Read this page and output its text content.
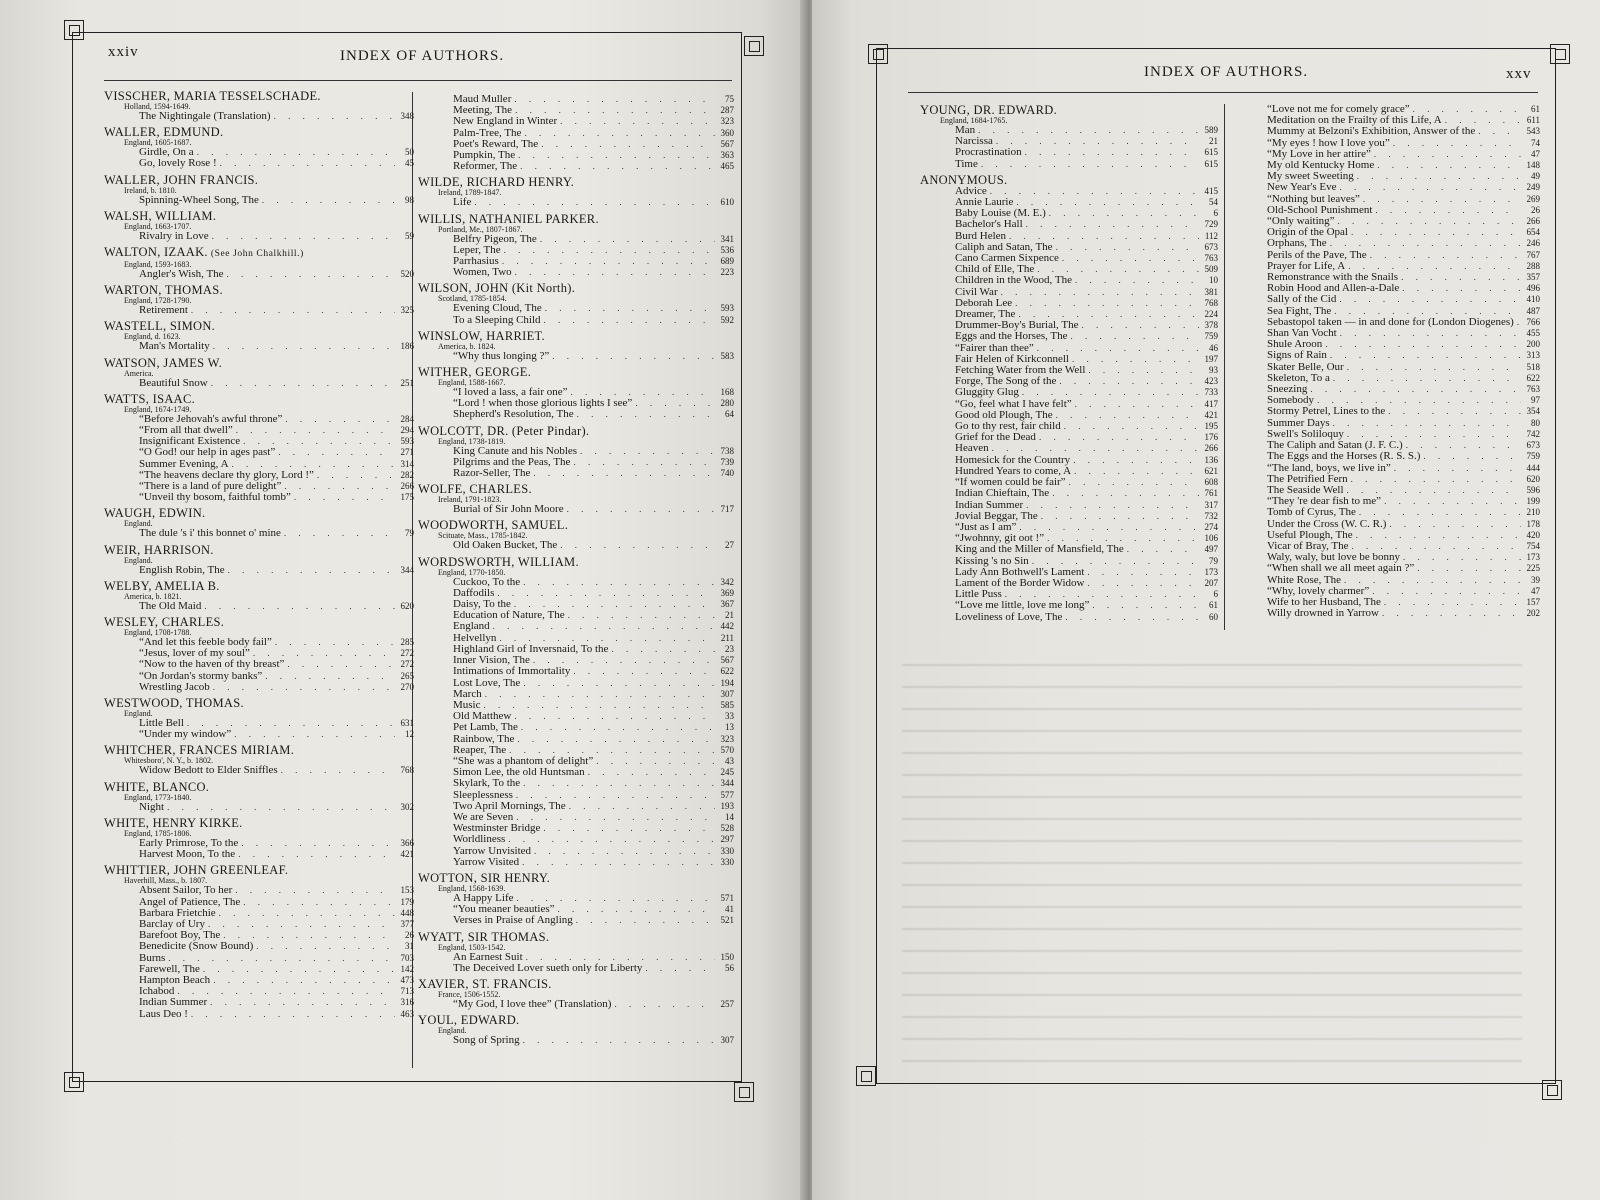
xxiv	INDEX OF AUTHORS.
VISSCHER, MARIA TESSELSCHADE.
Holland, 1594-1649.
The Nightingale (Translation) . . .	348
WALLER, EDMUND.
England, 1605-1687.
Girdle, On a . . .	50
Go, lovely Rose ! . . .	45
WALLER, JOHN FRANCIS.
Ireland, b. 1810.
Spinning-Wheel Song, The . . .	98
WALSH, WILLIAM.
England, 1663-1707.
Rivalry in Love . . .	59
WALTON, IZAAK. (See John Chalkhill.)
England, 1593-1683.
Angler's Wish, The . . .	520
WARTON, THOMAS.
England, 1728-1790.
Retirement . . .	325
WASTELL, SIMON.
England, d. 1623.
Man's Mortality . . .	186
WATSON, JAMES W.
America.
Beautiful Snow . . .	251
WATTS, ISAAC.
England, 1674-1749.
“Before Jehovah's awful throne” . . .	284
“From all that dwell” . . .	294
Insignificant Existence . . .	593
“O God! our help in ages past” . . .	271
Summer Evening, A . . .	314
“The heavens declare thy glory, Lord !” . . .	282
“There is a land of pure delight” . . .	266
“Unveil thy bosom, faithful tomb” . . .	175
WAUGH, EDWIN.
England.
The dule 's i' this bonnet o' mine . . .	79
WEIR, HARRISON.
England.
English Robin, The . . .	344
WELBY, AMELIA B.
America, b. 1821.
The Old Maid . . .	620
WESLEY, CHARLES.
England, 1708-1788.
“And let this feeble body fail” . . .	285
“Jesus, lover of my soul” . . .	272
“Now to the haven of thy breast” . . .	272
“On Jordan's stormy banks” . . .	265
Wrestling Jacob . . .	270
WESTWOOD, THOMAS.
England.
Little Bell . . .	631
“Under my window” . . .	12
WHITCHER, FRANCES MIRIAM.
Whitesboro', N. Y., b. 1802.
Widow Bedott to Elder Sniffles . . .	768
WHITE, BLANCO.
England, 1773-1840.
Night . . .	302
WHITE, HENRY KIRKE.
England, 1785-1806.
Early Primrose, To the . . .	366
Harvest Moon, To the . . .	421
WHITTIER, JOHN GREENLEAF.
Haverhill, Mass., b. 1807.
Absent Sailor, To her . . .	153
Angel of Patience, The . . .	179
Barbara Frietchie . . .	448
Barclay of Ury . . .	377
Barefoot Boy, The . . .	26
Benedicite (Snow Bound) . . .	31
Burns . . .	703
Farewell, The . . .	142
Hampton Beach . . .	473
Ichabod . . .	713
Indian Summer . . .	316
Laus Deo ! . . .	463
Maud Muller . . .	75
Meeting, The . . .	287
New England in Winter . . .	323
Palm-Tree, The . . .	360
Poet's Reward, The . . .	567
Pumpkin, The . . .	363
Reformer, The . . .	465
WILDE, RICHARD HENRY.
Ireland, 1789-1847.
Life . . .	610
WILLIS, NATHANIEL PARKER.
Portland, Me., 1807-1867.
Belfry Pigeon, The . . .	341
Leper, The . . .	536
Parrhasius . . .	689
Women, Two . . .	223
WILSON, JOHN (Kit North).
Scotland, 1785-1854.
Evening Cloud, The . . .	593
To a Sleeping Child . . .	592
WINSLOW, HARRIET.
America, b. 1824.
“Why thus longing ?” . . .	583
WITHER, GEORGE.
England, 1588-1667.
“I loved a lass, a fair one” . . .	168
“Lord ! when those glorious lights I see” . . .	280
Shepherd's Resolution, The . . .	64
WOLCOTT, DR. (Peter Pindar).
England, 1738-1819.
King Canute and his Nobles . . .	738
Pilgrims and the Peas, The . . .	739
Razor-Seller, The . . .	740
WOLFE, CHARLES.
Ireland, 1791-1823.
Burial of Sir John Moore . . .	717
WOODWORTH, SAMUEL.
Scituate, Mass., 1785-1842.
Old Oaken Bucket, The . . .	27
WORDSWORTH, WILLIAM.
England, 1770-1850.
Cuckoo, To the . . .	342
Daffodils . . .	369
Daisy, To the . . .	367
Education of Nature, The . . .	21
England . . .	442
Helvellyn . . .	211
Highland Girl of Inversnaid, To the . . .	23
Inner Vision, The . . .	567
Intimations of Immortality . . .	622
Lost Love, The . . .	194
March . . .	307
Music . . .	585
Old Matthew . . .	33
Pet Lamb, The . . .	13
Rainbow, The . . .	323
Reaper, The . . .	570
“She was a phantom of delight” . . .	43
Simon Lee, the old Huntsman . . .	245
Skylark, To the . . .	344
Sleeplessness . . .	577
Two April Mornings, The . . .	193
We are Seven . . .	14
Westminster Bridge . . .	528
Worldliness . . .	297
Yarrow Unvisited . . .	330
Yarrow Visited . . .	330
WOTTON, SIR HENRY.
England, 1568-1639.
A Happy Life . . .	571
“You meaner beauties” . . .	41
Verses in Praise of Angling . . .	521
WYATT, SIR THOMAS.
England, 1503-1542.
An Earnest Suit . . .	150
The Deceived Lover sueth only for Liberty . . .	56
XAVIER, ST. FRANCIS.
France, 1506-1552.
“My God, I love thee” (Translation) . . .	257
YOUL, EDWARD.
England.
Song of Spring . . .	307
INDEX OF AUTHORS.	xxv
YOUNG, DR. EDWARD.
England, 1684-1765.
Man . . .	589
Narcissa . . .	21
Procrastination . . .	615
Time . . .	615
ANONYMOUS.
Advice . . .	415
Annie Laurie . . .	54
Baby Louise (M. E.) . . .	6
Bachelor's Hall . . .	729
Burd Helen . . .	112
Caliph and Satan, The . . .	673
Cano Carmen Sixpence . . .	763
Child of Elle, The . . .	509
Children in the Wood, The . . .	10
Civil War . . .	381
Deborah Lee . . .	768
Dreamer, The . . .	224
Drummer-Boy's Burial, The . . .	378
Eggs and the Horses, The . . .	759
“Fairer than thee” . . .	46
Fair Helen of Kirkconnell . . .	197
Fetching Water from the Well . . .	93
Forge, The Song of the . . .	423
Gluggity Glug . . .	733
“Go, feel what I have felt” . . .	417
Good old Plough, The . . .	421
Go to thy rest, fair child . . .	195
Grief for the Dead . . .	176
Heaven . . .	266
Homesick for the Country . . .	136
Hundred Years to come, A . . .	621
“If women could be fair” . . .	608
Indian Chieftain, The . . .	761
Indian Summer . . .	317
Jovial Beggar, The . . .	732
“Just as I am” . . .	274
“Jwohnny, git oot !” . . .	106
King and the Miller of Mansfield, The . . .	497
Kissing 's no Sin . . .	79
Lady Ann Bothwell's Lament . . .	173
Lament of the Border Widow . . .	207
Little Puss . . .	6
“Love me little, love me long” . . .	61
Loveliness of Love, The . . .	60
“Love not me for comely grace” . . .	61
Meditation on the Frailty of this Life, A . . .	611
Mummy at Belzoni's Exhibition, Answer of the . . .	543
“My eyes ! how I love you” . . .	74
“My Love in her attire” . . .	47
My old Kentucky Home . . .	148
My sweet Sweeting . . .	49
New Year's Eve . . .	249
“Nothing but leaves” . . .	269
Old-School Punishment . . .	26
“Only waiting” . . .	266
Origin of the Opal . . .	654
Orphans, The . . .	246
Perils of the Pave, The . . .	767
Prayer for Life, A . . .	288
Remonstrance with the Snails . . .	357
Robin Hood and Allen-a-Dale . . .	496
Sally of the Cid . . .	410
Sea Fight, The . . .	487
Sebastopol taken — in and done for (London Diogenes) . . . 766
Shan Van Vocht . . .	455
Shule Aroon . . .	200
Signs of Rain . . .	313
Skater Belle, Our . . .	518
Skeleton, To a . . .	622
Sneezing . . .	763
Somebody . . .	97
Stormy Petrel, Lines to the . . .	354
Summer Days . . .	80
Swell's Soliloquy . . .	742
The Caliph and Satan (J. F. C.) . . .	673
The Eggs and the Horses (R. S. S.) . . .	759
“The land, boys, we live in” . . .	444
The Petrified Fern . . .	620
The Seaside Well . . .	596
“They 're dear fish to me” . . .	199
Tomb of Cyrus, The . . .	210
Under the Cross (W. C. R.) . . .	178
Useful Plough, The . . .	420
Vicar of Bray, The . . .	754
Waly, waly, but love be bonny . . .	173
“When shall we all meet again ?” . . .	225
White Rose, The . . .	39
“Why, lovely charmer” . . .	47
Wife to her Husband, The . . .	157
Willy drowned in Yarrow . . .	202
